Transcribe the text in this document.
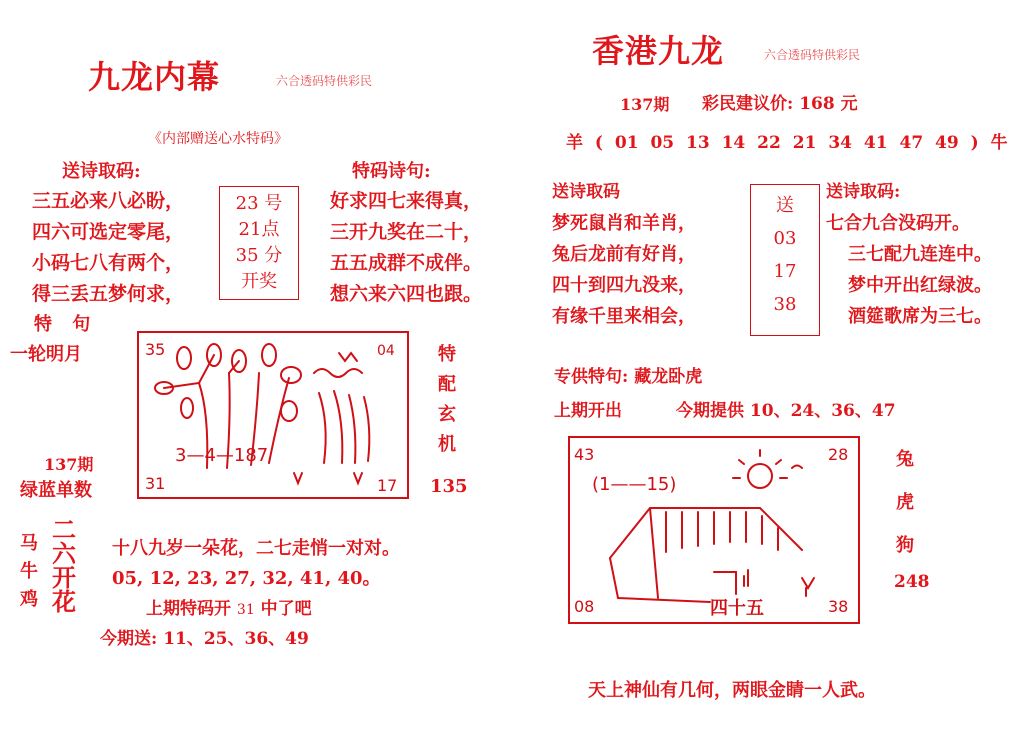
九龙内幕	六合透码特供彩民
《内部赠送心水特码》
送诗取码:	特码诗句:
三五必来八必盼，
四六可选定零尾，
小码七八有两个，
得三丢五梦何求，
23 号
21点
35 分
开奖
好求四七来得真，
三开九奖在二十，
五五成群不成伴。
想六来六四也跟。
特 句
一轮明月
137期
绿蓝单数
35	04
3—4—187
31	17
特
配
玄
机
135
马
牛
鸡
二
六
开
花
十八九岁一朵花，二七走悄一对对。
05, 12, 23, 27, 32, 41, 40。
上期特码开 31 中了吧
今期送: 11、25、36、49
香港九龙	六合透码特供彩民
137期 彩民建议价: 168 元
羊 ( 01 05 13 14 22 21 34 41 47 49 ) 牛
送诗取码	送诗取码:
梦死鼠肖和羊肖，
兔后龙前有好肖，
四十到四九没来，
有缘千里来相会，
送
03
17
38
七合九合没码开。
三七配九连连中。
梦中开出红绿波。
酒筵歌席为三七。
专供特句: 藏龙卧虎
上期开出	今期提供 10、24、36、47
43	28
(1——15)
08	38
四十五
兔
虎
狗
248
天上神仙有几何，两眼金睛一人武。
